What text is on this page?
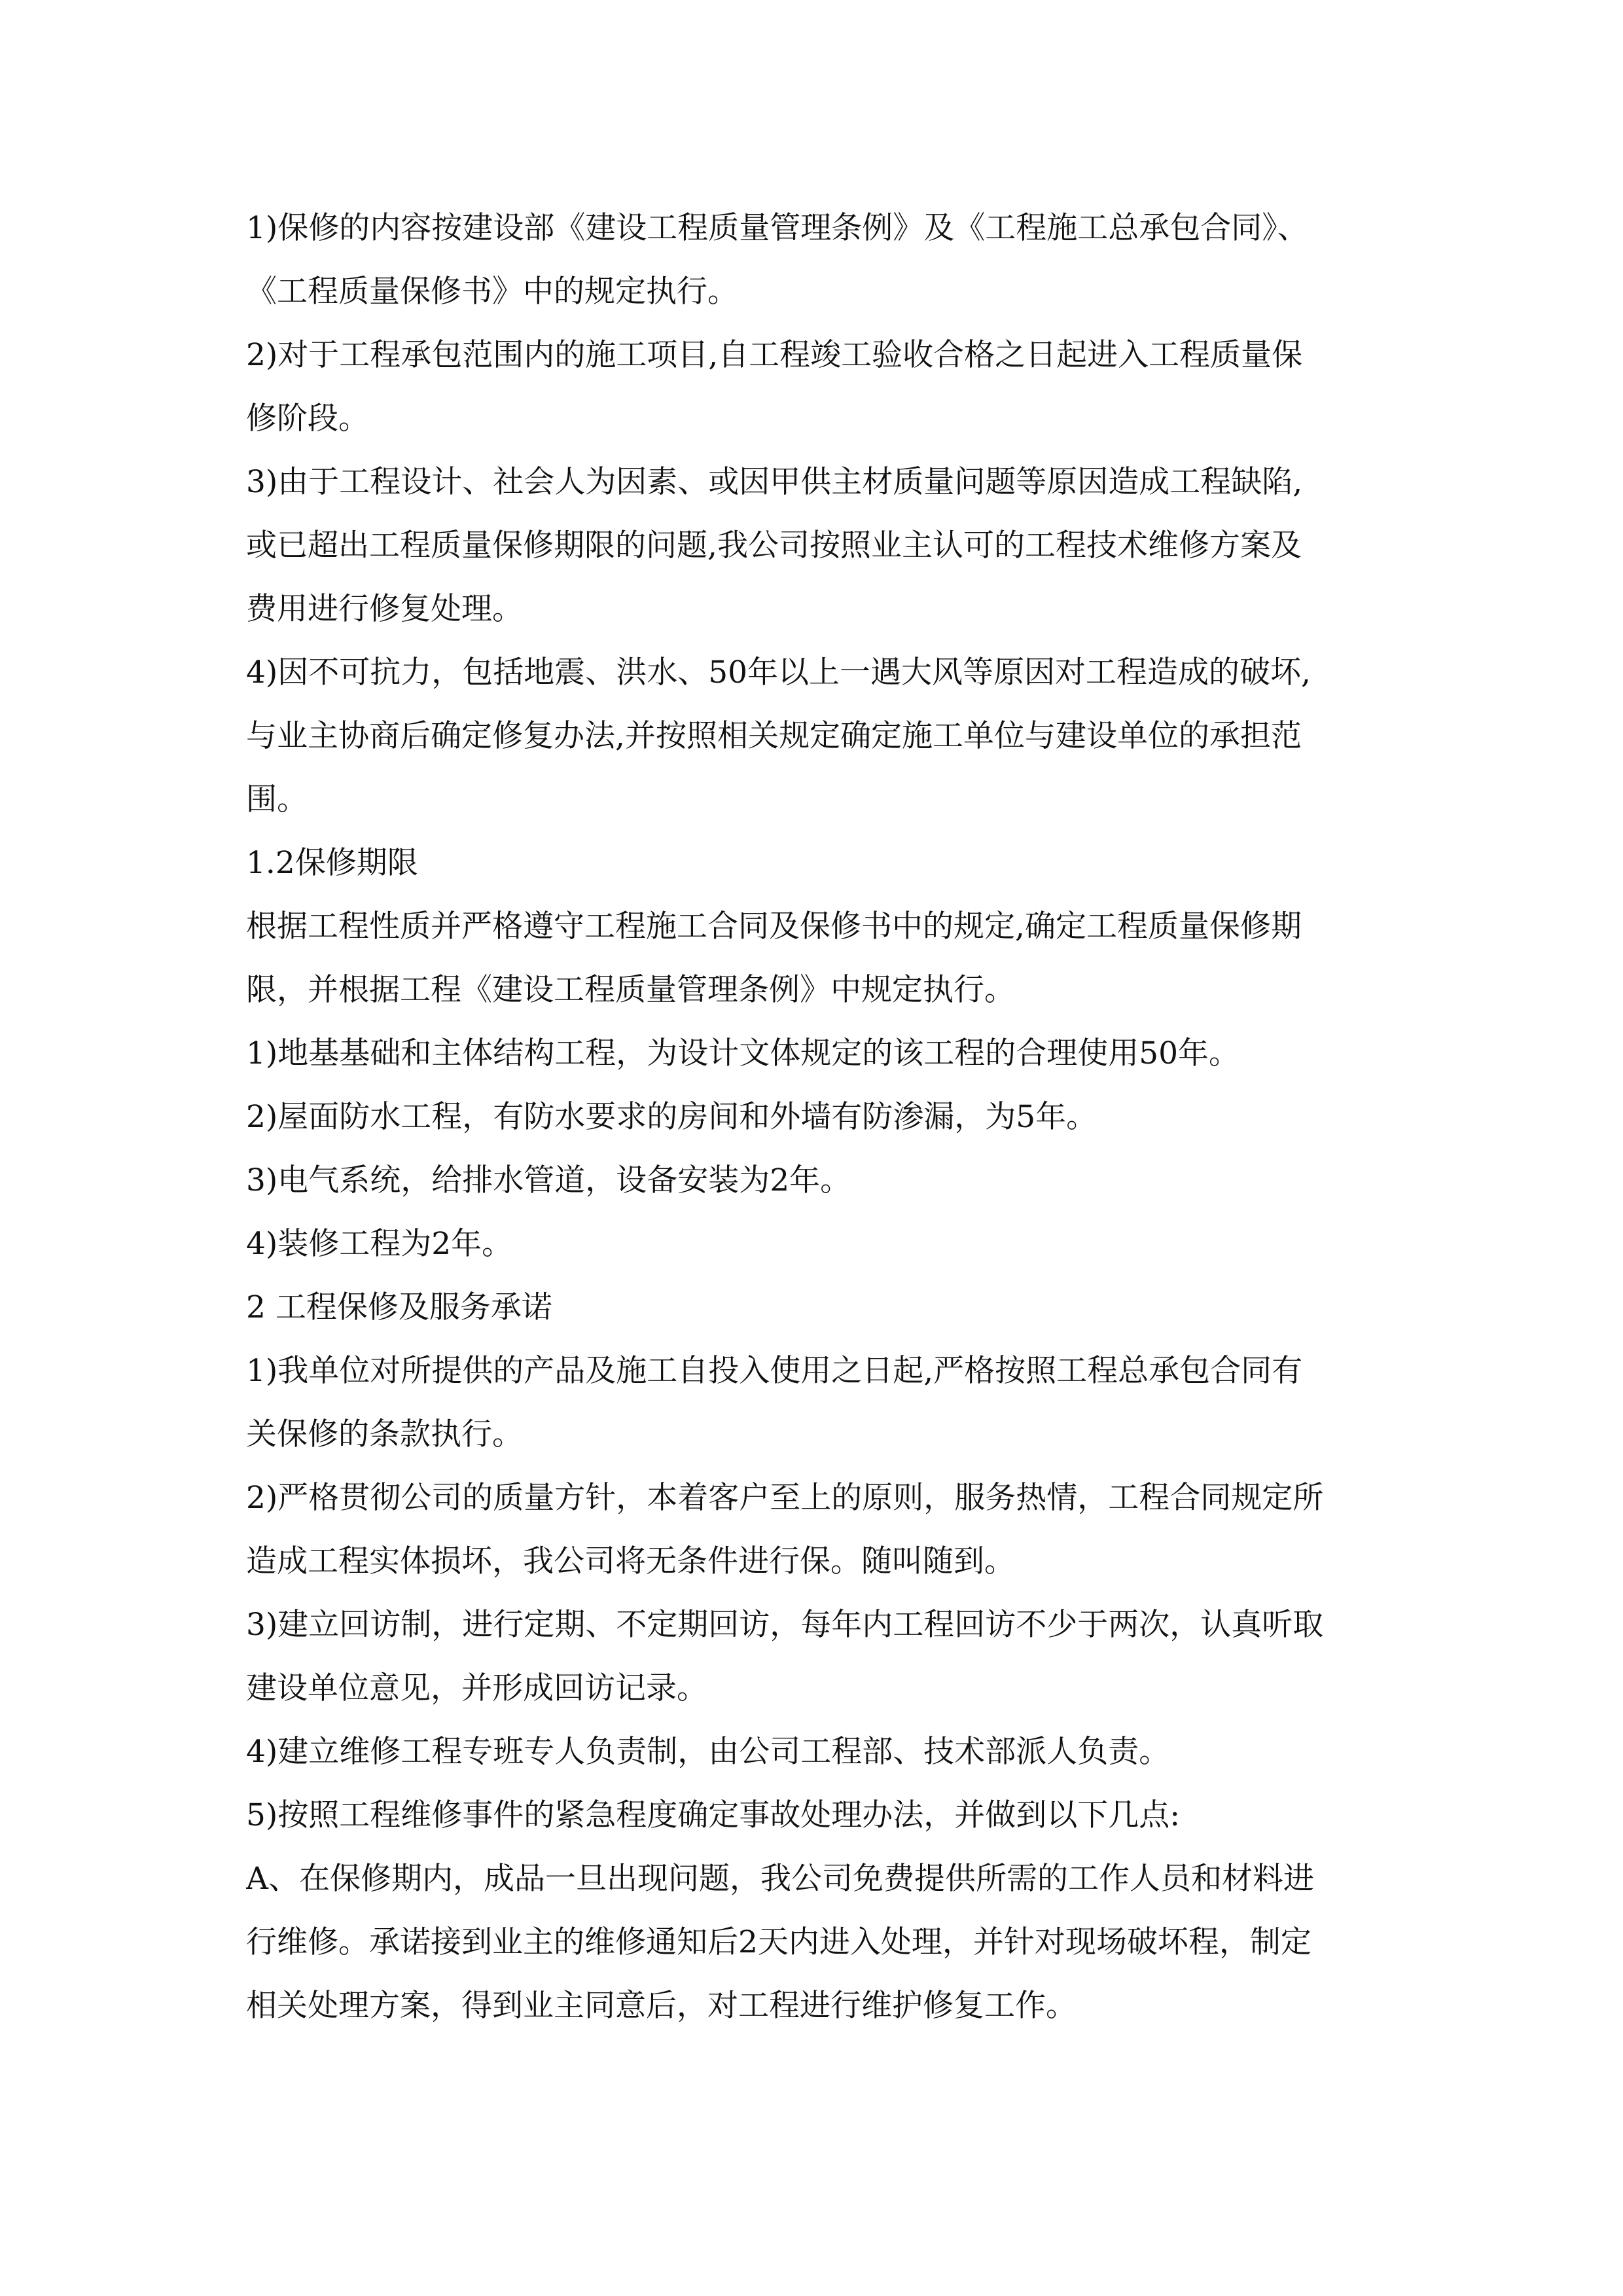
1)保修的内容按建设部《建设工程质量管理条例》及《工程施工总承包合同》、

《工程质量保修书》中的规定执行。

2)对于工程承包范围内的施工项目,自工程竣工验收合格之日起进入工程质量保

修阶段。

3)由于工程设计、社会人为因素、或因甲供主材质量问题等原因造成工程缺陷,

或已超出工程质量保修期限的问题,我公司按照业主认可的工程技术维修方案及

费用进行修复处理。

4)因不可抗力，包括地震、洪水、50年以上一遇大风等原因对工程造成的破坏,

与业主协商后确定修复办法,并按照相关规定确定施工单位与建设单位的承担范

围。

1.2保修期限

根据工程性质并严格遵守工程施工合同及保修书中的规定,确定工程质量保修期

限，并根据工程《建设工程质量管理条例》中规定执行。

1)地基基础和主体结构工程，为设计文体规定的该工程的合理使用50年。

2)屋面防水工程，有防水要求的房间和外墙有防渗漏，为5年。

3)电气系统，给排水管道，设备安装为2年。

4)装修工程为2年。

2 工程保修及服务承诺

1)我单位对所提供的产品及施工自投入使用之日起,严格按照工程总承包合同有

关保修的条款执行。

2)严格贯彻公司的质量方针，本着客户至上的原则，服务热情，工程合同规定所

造成工程实体损坏，我公司将无条件进行保。随叫随到。

3)建立回访制，进行定期、不定期回访，每年内工程回访不少于两次，认真听取

建设单位意见，并形成回访记录。

4)建立维修工程专班专人负责制，由公司工程部、技术部派人负责。

5)按照工程维修事件的紧急程度确定事故处理办法，并做到以下几点:

A、在保修期内，成品一旦出现问题，我公司免费提供所需的工作人员和材料进

行维修。承诺接到业主的维修通知后2天内进入处理，并针对现场破坏程，制定

相关处理方案，得到业主同意后，对工程进行维护修复工作。
